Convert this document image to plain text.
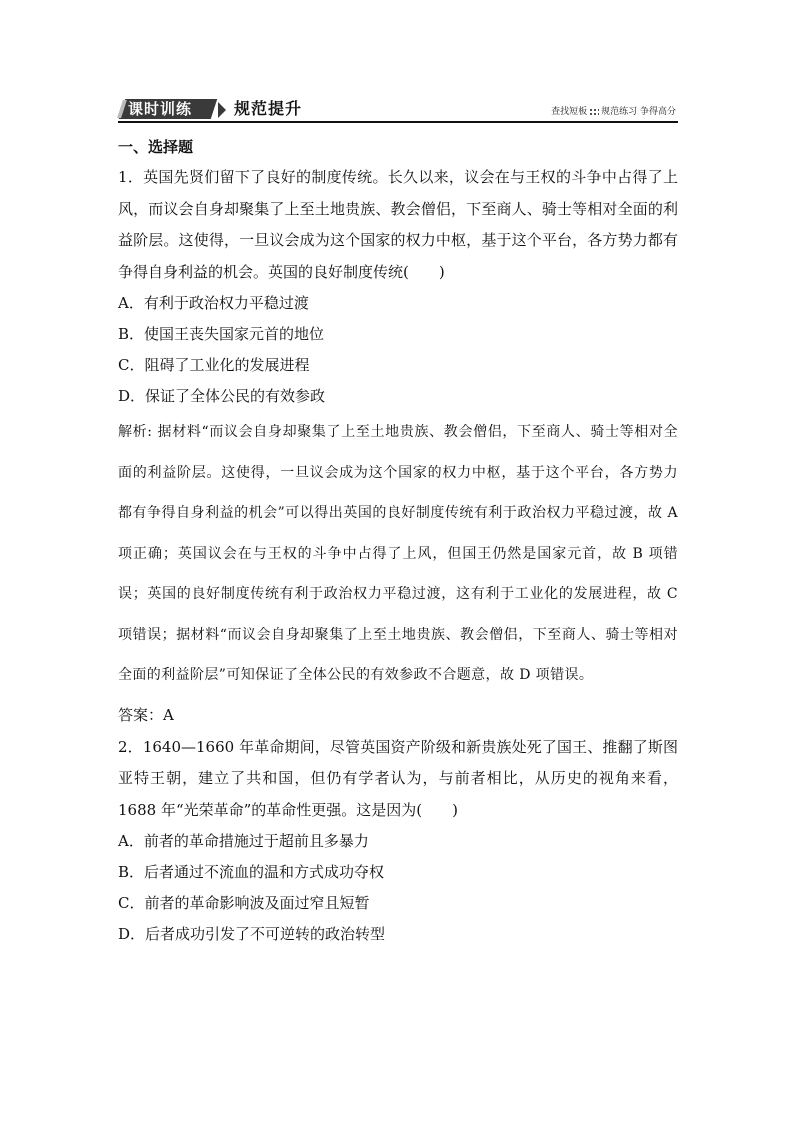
课时训练	规范提升	查找短板 规范练习 争得高分
一、选择题

1．英国先贤们留下了良好的制度传统。长久以来，议会在与王权的斗争中占得了上风，而议会自身却聚集了上至土地贵族、教会僧侣，下至商人、骑士等相对全面的利益阶层。这使得，一旦议会成为这个国家的权力中枢，基于这个平台，各方势力都有争得自身利益的机会。英国的良好制度传统(　　)

A．有利于政治权力平稳过渡

B．使国王丧失国家元首的地位

C．阻碍了工业化的发展进程

D．保证了全体公民的有效参政

解析: 据材料“而议会自身却聚集了上至土地贵族、教会僧侣，下至商人、骑士等相对全面的利益阶层。这使得，一旦议会成为这个国家的权力中枢，基于这个平台，各方势力都有争得自身利益的机会”可以得出英国的良好制度传统有利于政治权力平稳过渡，故 A 项正确；英国议会在与王权的斗争中占得了上风，但国王仍然是国家元首，故 B 项错误；英国的良好制度传统有利于政治权力平稳过渡，这有利于工业化的发展进程，故 C 项错误；据材料“而议会自身却聚集了上至土地贵族、教会僧侣，下至商人、骑士等相对全面的利益阶层”可知保证了全体公民的有效参政不合题意，故 D 项错误。

答案：A

2．1640—1660 年革命期间，尽管英国资产阶级和新贵族处死了国王、推翻了斯图亚特王朝，建立了共和国，但仍有学者认为，与前者相比，从历史的视角来看，1688 年“光荣革命”的革命性更强。这是因为(　　)

A．前者的革命措施过于超前且多暴力

B．后者通过不流血的温和方式成功夺权

C．前者的革命影响波及面过窄且短暂

D．后者成功引发了不可逆转的政治转型
